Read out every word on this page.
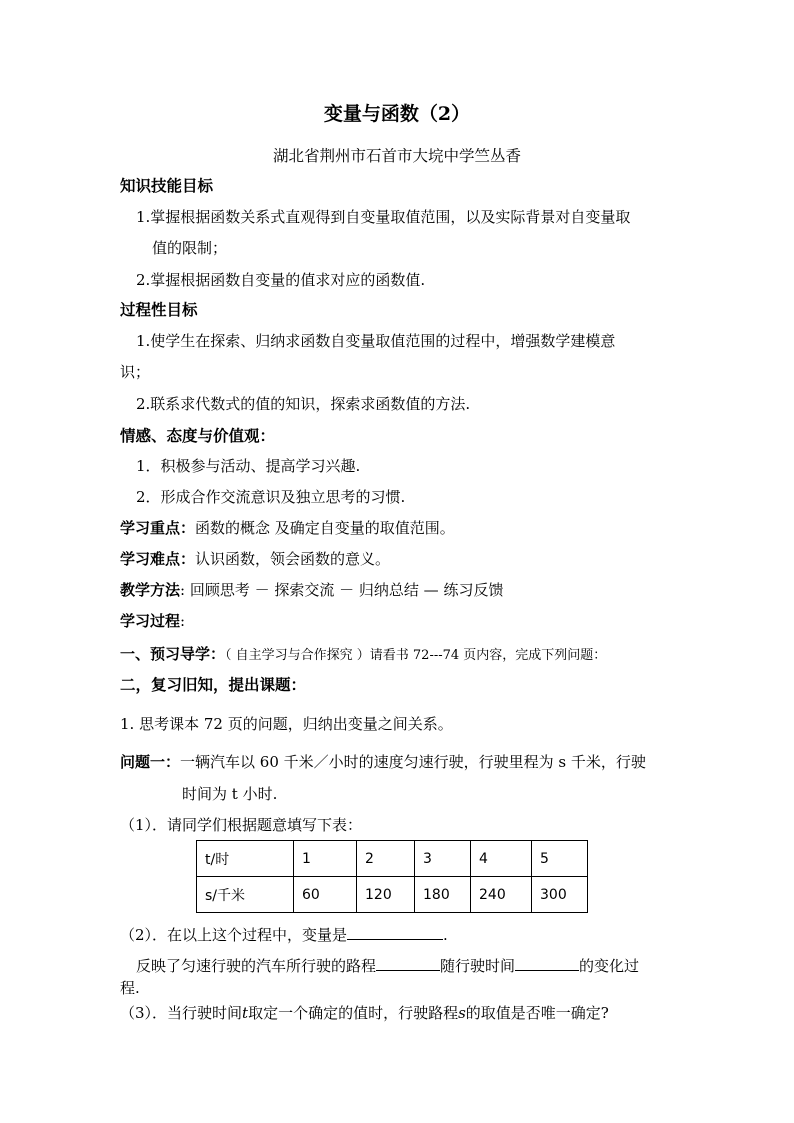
变量与函数（2）
湖北省荆州市石首市大垸中学竺丛香
知识技能目标
1.掌握根据函数关系式直观得到自变量取值范围，以及实际背景对自变量取
值的限制；
2.掌握根据函数自变量的值求对应的函数值.
过程性目标
1.使学生在探索、归纳求函数自变量取值范围的过程中，增强数学建模意
识；
2.联系求代数式的值的知识，探索求函数值的方法.
情感、态度与价值观：
1．积极参与活动、提高学习兴趣.
2．形成合作交流意识及独立思考的习惯.
学习重点：函数的概念 及确定自变量的取值范围。
学习难点：认识函数，领会函数的意义。
教学方法: 回顾思考 － 探索交流 － 归纳总结 — 练习反馈
学习过程:
一、预习导学：（ 自主学习与合作探究 ）请看书 72---74 页内容，完成下列问题：
二，复习旧知，提出课题：
1. 思考课本 72 页的问题，归纳出变量之间关系。
问题一：一辆汽车以 60 千米／小时的速度匀速行驶，行驶里程为 s 千米，行驶
时间为 t 小时.
（1）．请同学们根据题意填写下表：
t/时	1	2	3	4	5
s/千米	60	120	180	240	300
（2）．在以上这个过程中，变量是	.
反映了匀速行驶的汽车所行驶的路程	随行驶时间	的变化过
程.
（3）．当行驶时间t取定一个确定的值时，行驶路程s的取值是否唯一确定?
